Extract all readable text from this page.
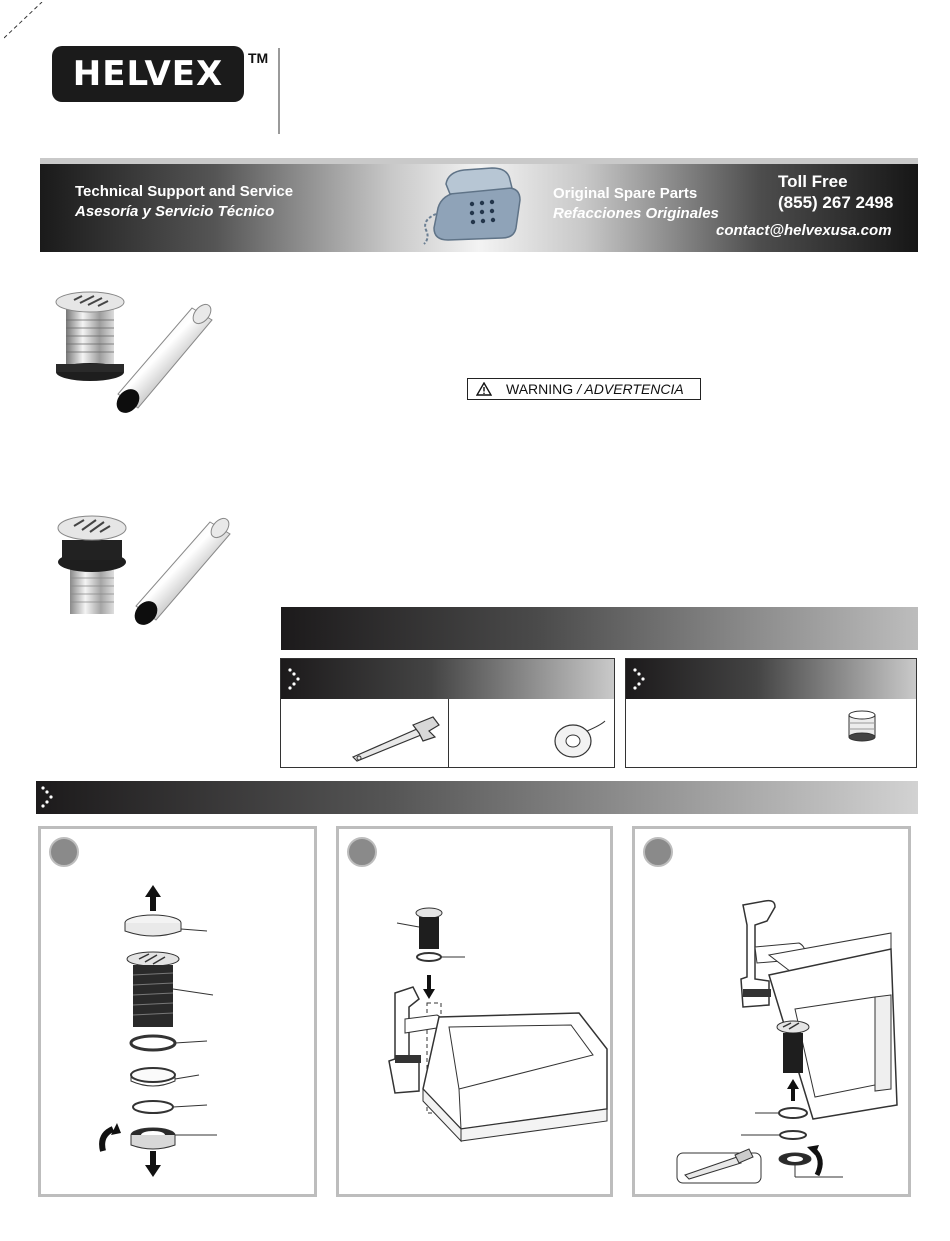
HELVEX TM
Technical Support and Service
Asesoría y Servicio Técnico
Original Spare Parts
Refacciones Originales
Toll Free
(855) 267 2498
contact@helvexusa.com
WARNING / ADVERTENCIA
